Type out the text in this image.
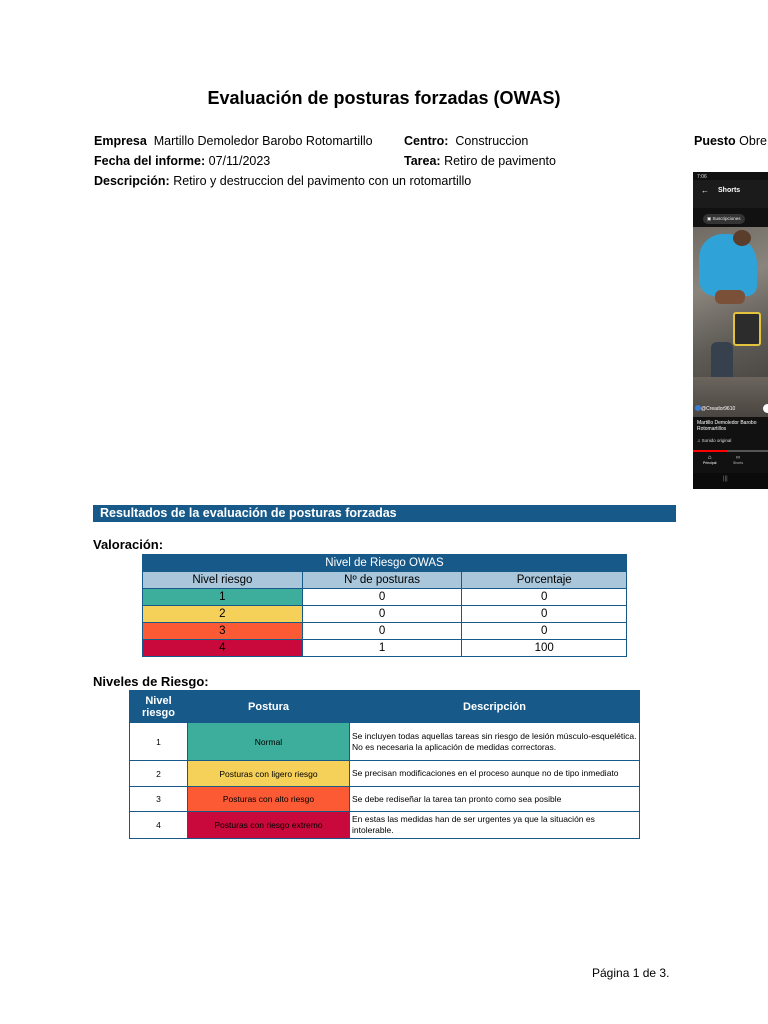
Evaluación de posturas forzadas (OWAS)
Empresa Martillo Demoledor Barobo Rotomartillo	Centro: Construccion	Puesto Obre
Fecha del informe: 07/11/2023	Tarea: Retiro de pavimento
Descripción: Retiro y destruccion del pavimento con un rotomartillo	7:06
← Shorts
▣ Suscripciones
@Creador9610
Martillo Demoledor Barobo Rotomartillos
♫ Sonido original
⌂
Principal
∞
Shorts
|||
Resultados de la evaluación de posturas forzadas
Valoración:
Nivel de Riesgo OWAS		
Nivel riesgo	Nº de posturas	Porcentaje
1	0	0
2	0	0
3	0	0
4	1	100
Niveles de Riesgo:
Nivel riesgo	Postura	Descripción
1	Normal	Se incluyen todas aquellas tareas sin riesgo de lesión músculo-esquelética.
No es necesaria la aplicación de medidas correctoras.

2	Posturas con ligero riesgo	Se precisan modificaciones en el proceso aunque no de tipo inmediato
3	Posturas con alto riesgo	Se debe rediseñar la tarea tan pronto como sea posible
4	Posturas con riesgo extremo	En estas las medidas han de ser urgentes ya que la situación es intolerable.
Página 1 de 3.
